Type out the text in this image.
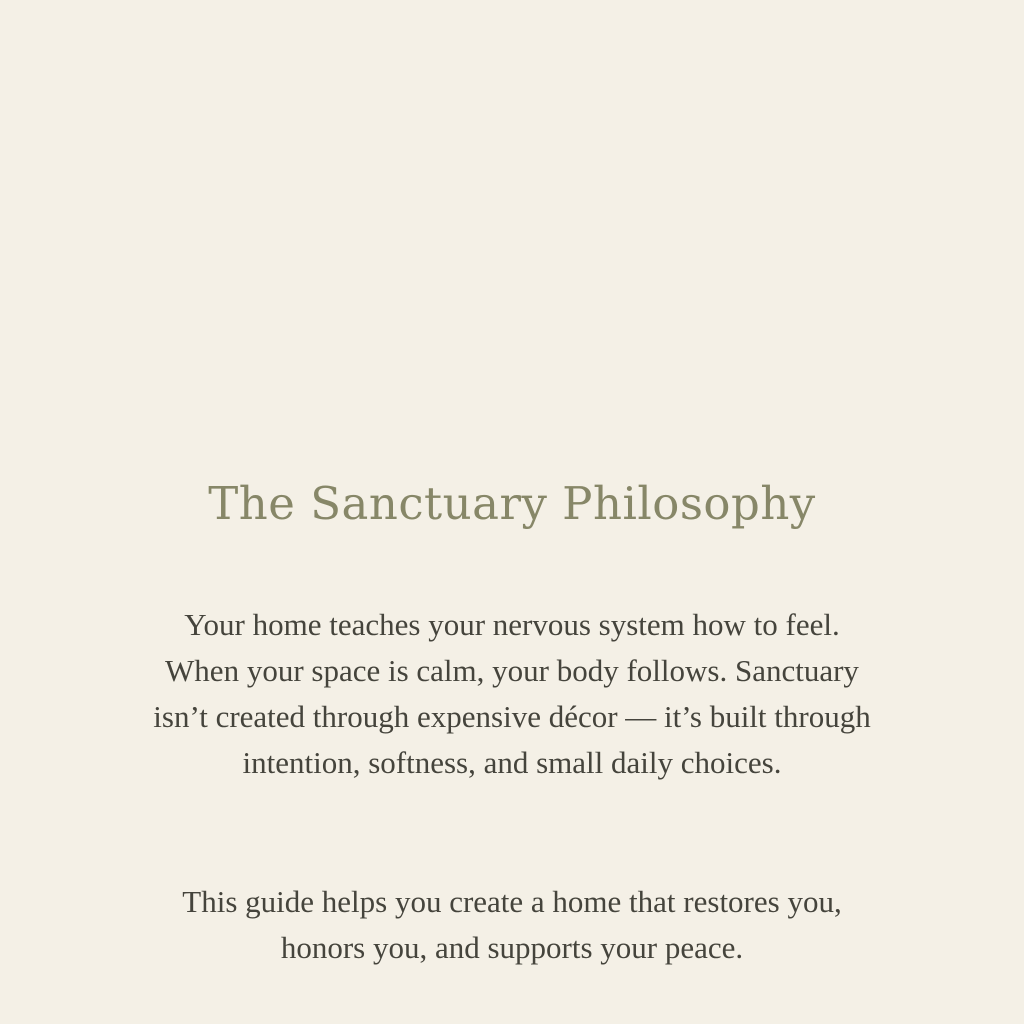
The Sanctuary Philosophy

Your home teaches your nervous system how to feel. When your space is calm, your body follows. Sanctuary isn’t created through expensive décor — it’s built through intention, softness, and small daily choices.

This guide helps you create a home that restores you, honors you, and supports your peace.
